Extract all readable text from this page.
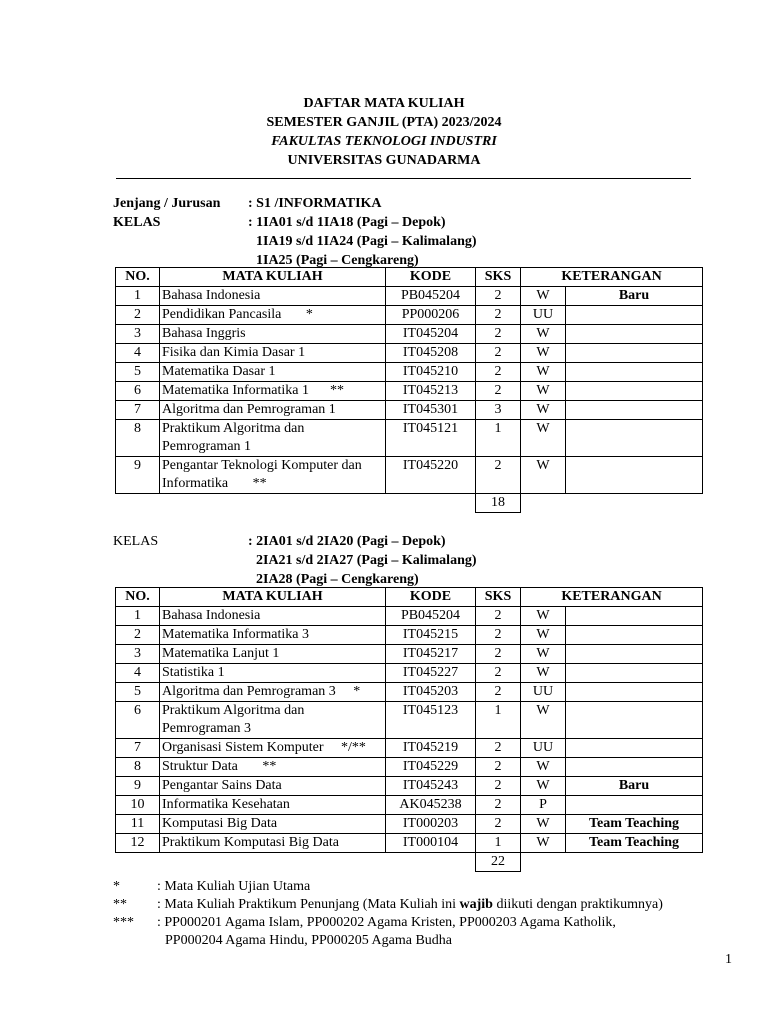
DAFTAR MATA KULIAH
SEMESTER GANJIL (PTA) 2023/2024
FAKULTAS TEKNOLOGI INDUSTRI
UNIVERSITAS GUNADARMA
Jenjang / Jurusan : S1 /INFORMATIKA
KELAS	: 1IA01 s/d 1IA18 (Pagi – Depok)
1IA19 s/d 1IA24 (Pagi – Kalimalang)
1IA25 (Pagi – Cengkareng)
NO.	MATA KULIAH	KODE	SKS	KETERANGAN	
1	Bahasa Indonesia	PB045204	2	W	Baru
2	Pendidikan Pancasila       *	PP000206	2	UU	
3	Bahasa Inggris	IT045204	2	W	
4	Fisika dan Kimia Dasar 1	IT045208	2	W	
5	Matematika Dasar 1	IT045210	2	W	
6	Matematika Informatika 1      **	IT045213	2	W	
7	Algoritma dan Pemrograman 1	IT045301	3	W	
8	Praktikum Algoritma dan Pemrograman 1	IT045121	1	W	
9	Pengantar Teknologi Komputer dan Informatika       **	IT045220	2	W	
			18		
KELAS	: 2IA01 s/d 2IA20 (Pagi – Depok)
2IA21 s/d 2IA27 (Pagi – Kalimalang)
2IA28 (Pagi – Cengkareng)
NO.	MATA KULIAH	KODE	SKS	KETERANGAN	
1	Bahasa Indonesia	PB045204	2	W	
2	Matematika Informatika 3	IT045215	2	W	
3	Matematika Lanjut 1	IT045217	2	W	
4	Statistika 1	IT045227	2	W	
5	Algoritma dan Pemrograman 3     *	IT045203	2	UU	
6	Praktikum Algoritma dan Pemrograman 3	IT045123	1	W	
7	Organisasi Sistem Komputer     */**	IT045219	2	UU	
8	Struktur Data       **	IT045229	2	W	
9	Pengantar Sains Data	IT045243	2	W	Baru
10	Informatika Kesehatan	AK045238	2	P	
11	Komputasi Big Data	IT000203	2	W	Team Teaching
12	Praktikum Komputasi Big Data	IT000104	1	W	Team Teaching
			22		
*	: Mata Kuliah Ujian Utama
**	: Mata Kuliah Praktikum Penunjang (Mata Kuliah ini wajib diikuti dengan praktikumnya)
***	: PP000201 Agama Islam, PP000202 Agama Kristen, PP000203 Agama Katholik,
PP000204 Agama Hindu, PP000205 Agama Budha
1
